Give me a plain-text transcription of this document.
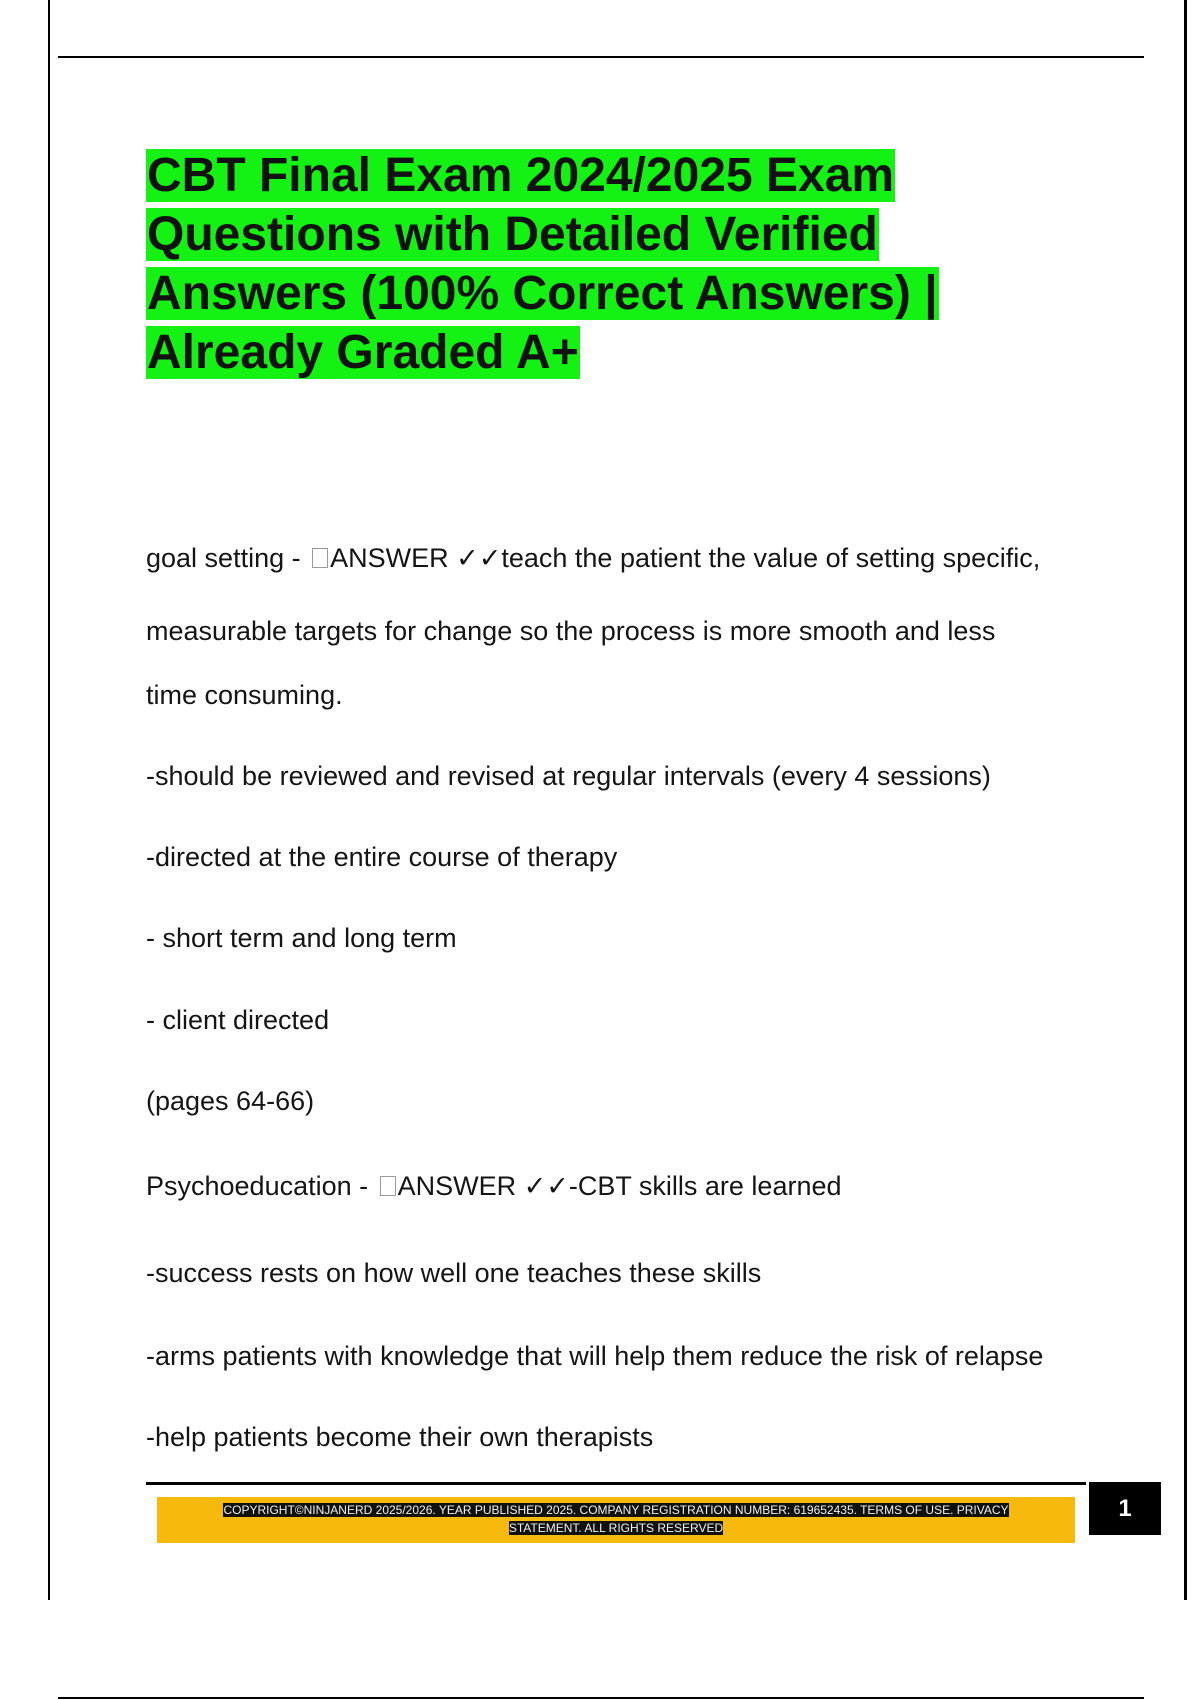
CBT Final Exam 2024/2025 Exam
Questions with Detailed Verified
Answers (100% Correct Answers) |
Already Graded A+
goal setting - ANSWER ✓✓teach the patient the value of setting specific,
measurable targets for change so the process is more smooth and less
time consuming.
-should be reviewed and revised at regular intervals (every 4 sessions)
-directed at the entire course of therapy
- short term and long term
- client directed
(pages 64-66)
Psychoeducation - ANSWER ✓✓-CBT skills are learned
-success rests on how well one teaches these skills
-arms patients with knowledge that will help them reduce the risk of relapse
-help patients become their own therapists
COPYRIGHT©NINJANERD 2025/2026. YEAR PUBLISHED 2025. COMPANY REGISTRATION NUMBER: 619652435. TERMS OF USE. PRIVACY
STATEMENT. ALL RIGHTS RESERVED
1
